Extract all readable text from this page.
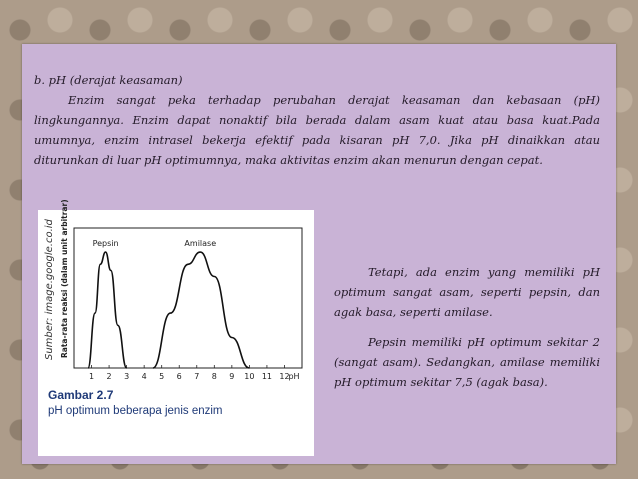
b. pH (derajat keasaman)
Enzim sangat peka terhadap perubahan derajat keasaman dan kebasaan (pH) lingkungannya. Enzim dapat nonaktif bila berada dalam asam kuat atau basa kuat.Pada umumnya, enzim intrasel bekerja efektif pada kisaran pH 7,0. Jika pH dinaikkan atau diturunkan di luar pH optimumnya, maka aktivitas enzim akan menurun dengan cepat.
Sumber: image.google.co.id Rata-rata reaksi (dalam unit arbitrar)
1 2 3 4 5 6 7 8 9 10 11 12
pH
Pepsin	Amilase
Gambar 2.7
pH optimum beberapa jenis enzim
Tetapi, ada enzim yang memiliki pH optimum sangat asam, seperti pepsin, dan agak basa, seperti amilase.
Pepsin memiliki pH optimum sekitar 2 (sangat asam). Sedangkan, amilase memiliki pH optimum sekitar 7,5 (agak basa).
